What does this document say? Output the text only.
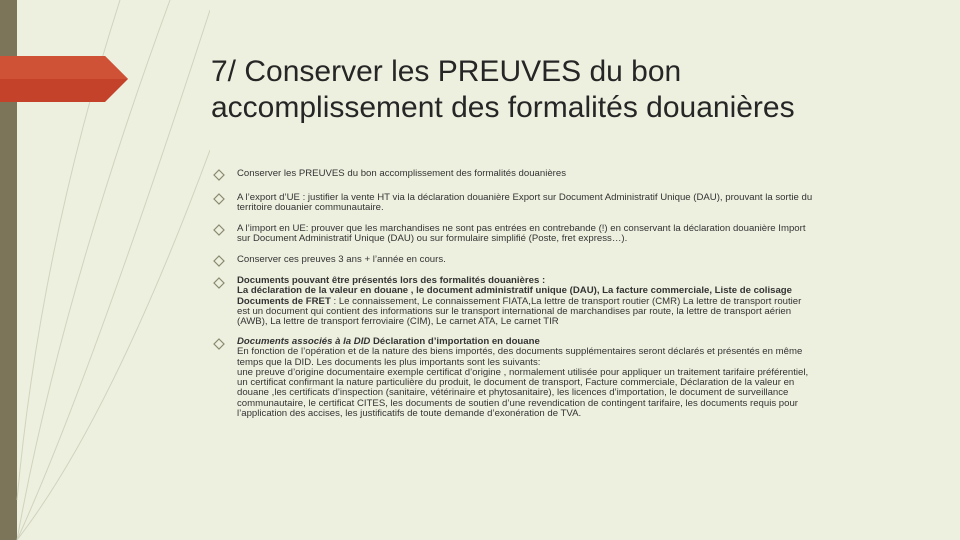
7/ Conserver les PREUVES du bon
accomplissement des formalités douanières
Conserver les PREUVES du bon accomplissement des formalités douanières
A l’export d’UE : justifier la vente HT via la déclaration douanière Export sur Document Administratif Unique (DAU), prouvant la sortie du
territoire douanier communautaire.
A l’import en UE: prouver que les marchandises ne sont pas entrées en contrebande (!) en conservant la déclaration douanière Import
sur Document Administratif Unique (DAU) ou sur formulaire simplifié (Poste, fret express…).
Conserver ces preuves 3 ans + l’année en cours.
Documents pouvant être présentés lors des formalités douanières :
La déclaration de la valeur en douane , le document administratif unique (DAU), La facture commerciale, Liste de colisage
Documents de FRET : Le connaissement, Le connaissement FIATA,La lettre de transport routier (CMR) La lettre de transport routier
est un document qui contient des informations sur le transport international de marchandises par route, la lettre de transport aérien
(AWB), La lettre de transport ferroviaire (CIM), Le carnet ATA, Le carnet TIR
Documents associés à la DID Déclaration d’importation en douane
En fonction de l’opération et de la nature des biens importés, des documents supplémentaires seront déclarés et présentés en même
temps que la DID. Les documents les plus importants sont les suivants:
une preuve d’origine documentaire exemple certificat d’origine , normalement utilisée pour appliquer un traitement tarifaire préférentiel,
un certificat confirmant la nature particulière du produit, le document de transport, Facture commerciale, Déclaration de la valeur en
douane ,les certificats d’inspection (sanitaire, vétérinaire et phytosanitaire), les licences d’importation, le document de surveillance
communautaire, le certificat CITES, les documents de soutien d’une revendication de contingent tarifaire, les documents requis pour
l’application des accises, les justificatifs de toute demande d’exonération de TVA.
